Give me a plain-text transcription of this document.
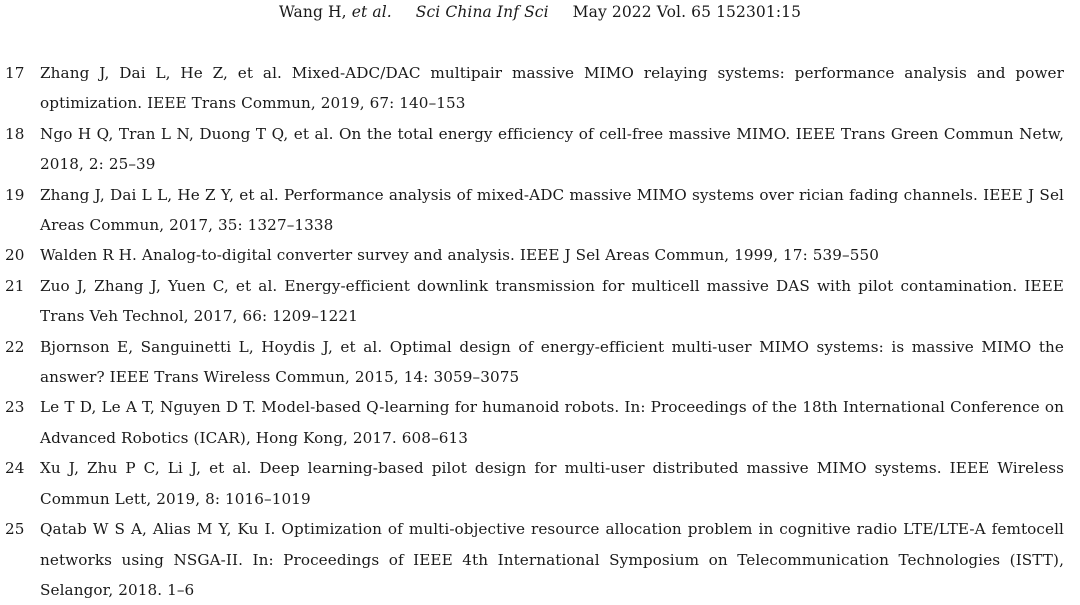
Wang H, et al. Sci China Inf Sci May 2022 Vol. 65 152301:15
17	Zhang J, Dai L, He Z, et al. Mixed-ADC/DAC multipair massive MIMO relaying systems: performance analysis and power optimization. IEEE Trans Commun, 2019, 67: 140–153
18	Ngo H Q, Tran L N, Duong T Q, et al. On the total energy efficiency of cell-free massive MIMO. IEEE Trans Green Commun Netw, 2018, 2: 25–39
19	Zhang J, Dai L L, He Z Y, et al. Performance analysis of mixed-ADC massive MIMO systems over rician fading channels. IEEE J Sel Areas Commun, 2017, 35: 1327–1338
20	Walden R H. Analog-to-digital converter survey and analysis. IEEE J Sel Areas Commun, 1999, 17: 539–550
21	Zuo J, Zhang J, Yuen C, et al. Energy-efficient downlink transmission for multicell massive DAS with pilot contamination. IEEE Trans Veh Technol, 2017, 66: 1209–1221
22	Bjornson E, Sanguinetti L, Hoydis J, et al. Optimal design of energy-efficient multi-user MIMO systems: is massive MIMO the answer? IEEE Trans Wireless Commun, 2015, 14: 3059–3075
23	Le T D, Le A T, Nguyen D T. Model-based Q-learning for humanoid robots. In: Proceedings of the 18th International Conference on Advanced Robotics (ICAR), Hong Kong, 2017. 608–613
24	Xu J, Zhu P C, Li J, et al. Deep learning-based pilot design for multi-user distributed massive MIMO systems. IEEE Wireless Commun Lett, 2019, 8: 1016–1019
25	Qatab W S A, Alias M Y, Ku I. Optimization of multi-objective resource allocation problem in cognitive radio LTE/LTE-A femtocell networks using NSGA-II. In: Proceedings of IEEE 4th International Symposium on Telecommunication Technologies (ISTT), Selangor, 2018. 1–6
